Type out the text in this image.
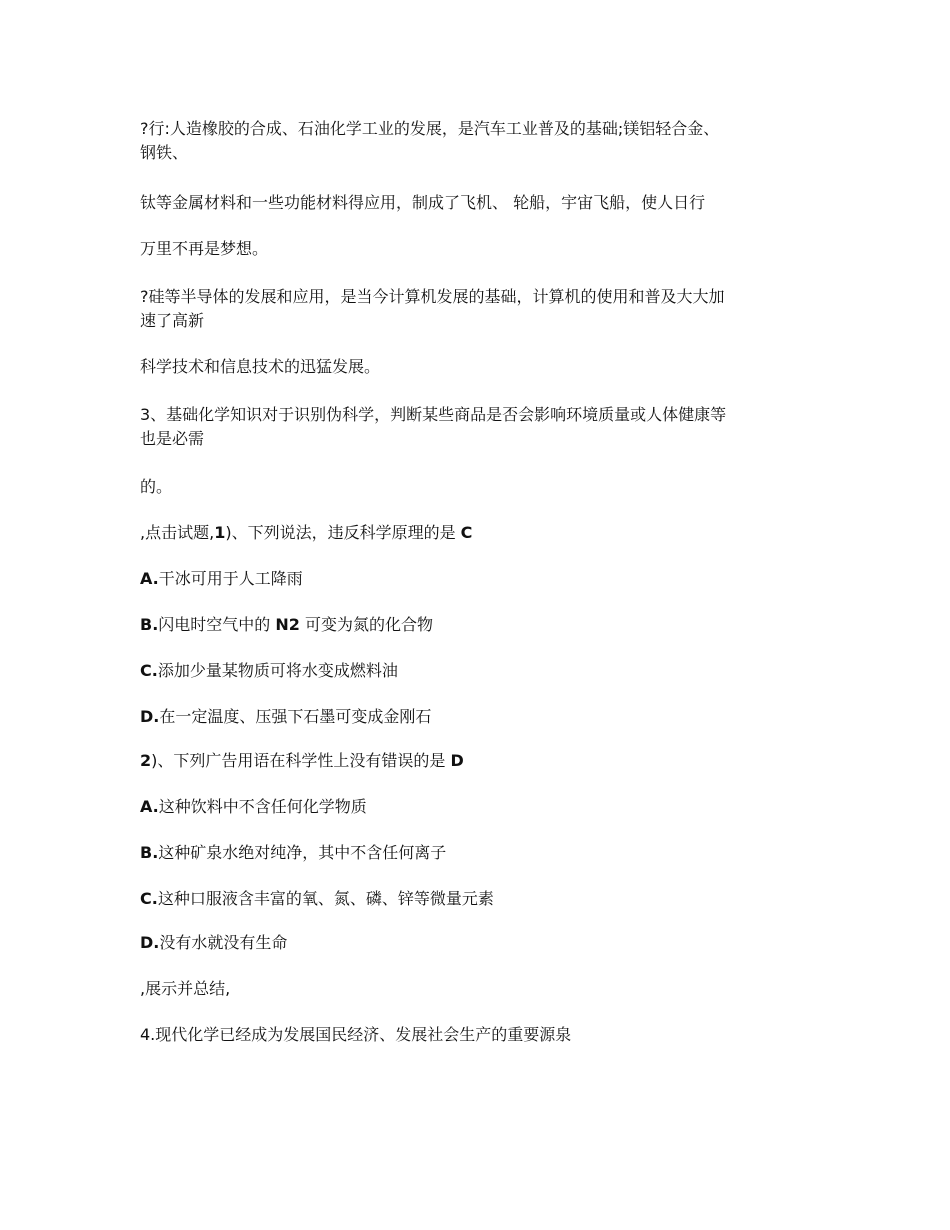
?行:人造橡胶的合成、石油化学工业的发展，是汽车工业普及的基础;镁铝轻合金、
钢铁、
钛等金属材料和一些功能材料得应用，制成了飞机、 轮船，宇宙飞船，使人日行
万里不再是梦想。
?硅等半导体的发展和应用，是当今计算机发展的基础，计算机的使用和普及大大加
速了高新
科学技术和信息技术的迅猛发展。
3、基础化学知识对于识别伪科学，判断某些商品是否会影响环境质量或人体健康等
也是必需
的。
,点击试题,1)、下列说法，违反科学原理的是 C
A.干冰可用于人工降雨
B.闪电时空气中的 N2 可变为氮的化合物
C.添加少量某物质可将水变成燃料油
D.在一定温度、压强下石墨可变成金刚石
2)、下列广告用语在科学性上没有错误的是 D
A.这种饮料中不含任何化学物质
B.这种矿泉水绝对纯净，其中不含任何离子
C.这种口服液含丰富的氧、氮、磷、锌等微量元素
D.没有水就没有生命
,展示并总结,
4.现代化学已经成为发展国民经济、发展社会生产的重要源泉
